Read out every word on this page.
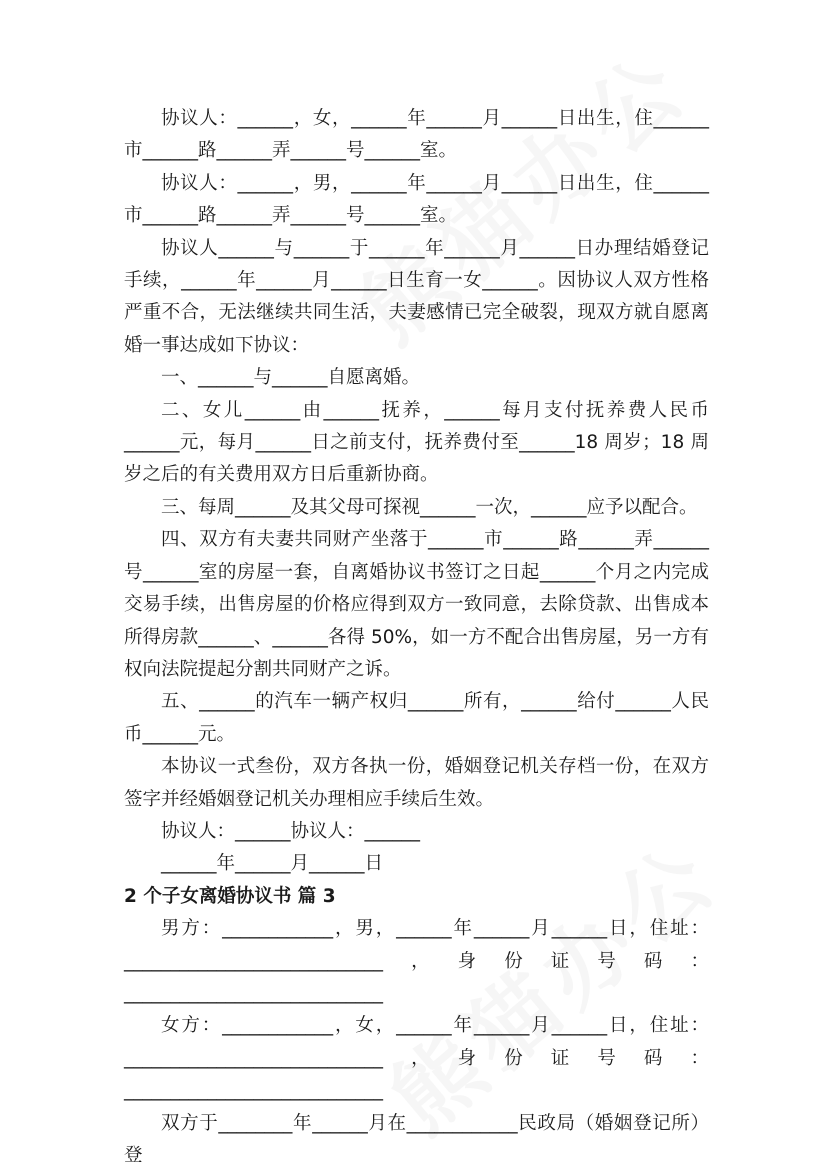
协议人：______，女，______年______月______日出生，住______市______路______弄______号______室。

协议人：______，男，______年______月______日出生，住______市______路______弄______号______室。

协议人______与______于______年______月______日办理结婚登记手续，______年______月______日生育一女______。因协议人双方性格严重不合，无法继续共同生活，夫妻感情已完全破裂，现双方就自愿离婚一事达成如下协议：

一、______与______自愿离婚。

二、女儿______由______抚养，______每月支付抚养费人民币______元，每月______日之前支付，抚养费付至______18 周岁；18 周岁之后的有关费用双方日后重新协商。

三、每周______及其父母可探视______一次，______应予以配合。

四、双方有夫妻共同财产坐落于______市______路______弄______号______室的房屋一套，自离婚协议书签订之日起______个月之内完成交易手续，出售房屋的价格应得到双方一致同意，去除贷款、出售成本所得房款______、______各得 50%，如一方不配合出售房屋，另一方有权向法院提起分割共同财产之诉。

五、______的汽车一辆产权归______所有，______给付______人民币______元。

本协议一式叁份，双方各执一份，婚姻登记机关存档一份，在双方签字并经婚姻登记机关办理相应手续后生效。

协议人：______协议人：______

______年______月______日

2 个子女离婚协议书 篇 3

男方：____________，男，______年______月______日，住址：____________________________，身份证号码：____________________________

女方：____________，女，______年______月______日，住址：____________________________，身份证号码：____________________________

双方于________年______月在____________民政局（婚姻登记所）登
